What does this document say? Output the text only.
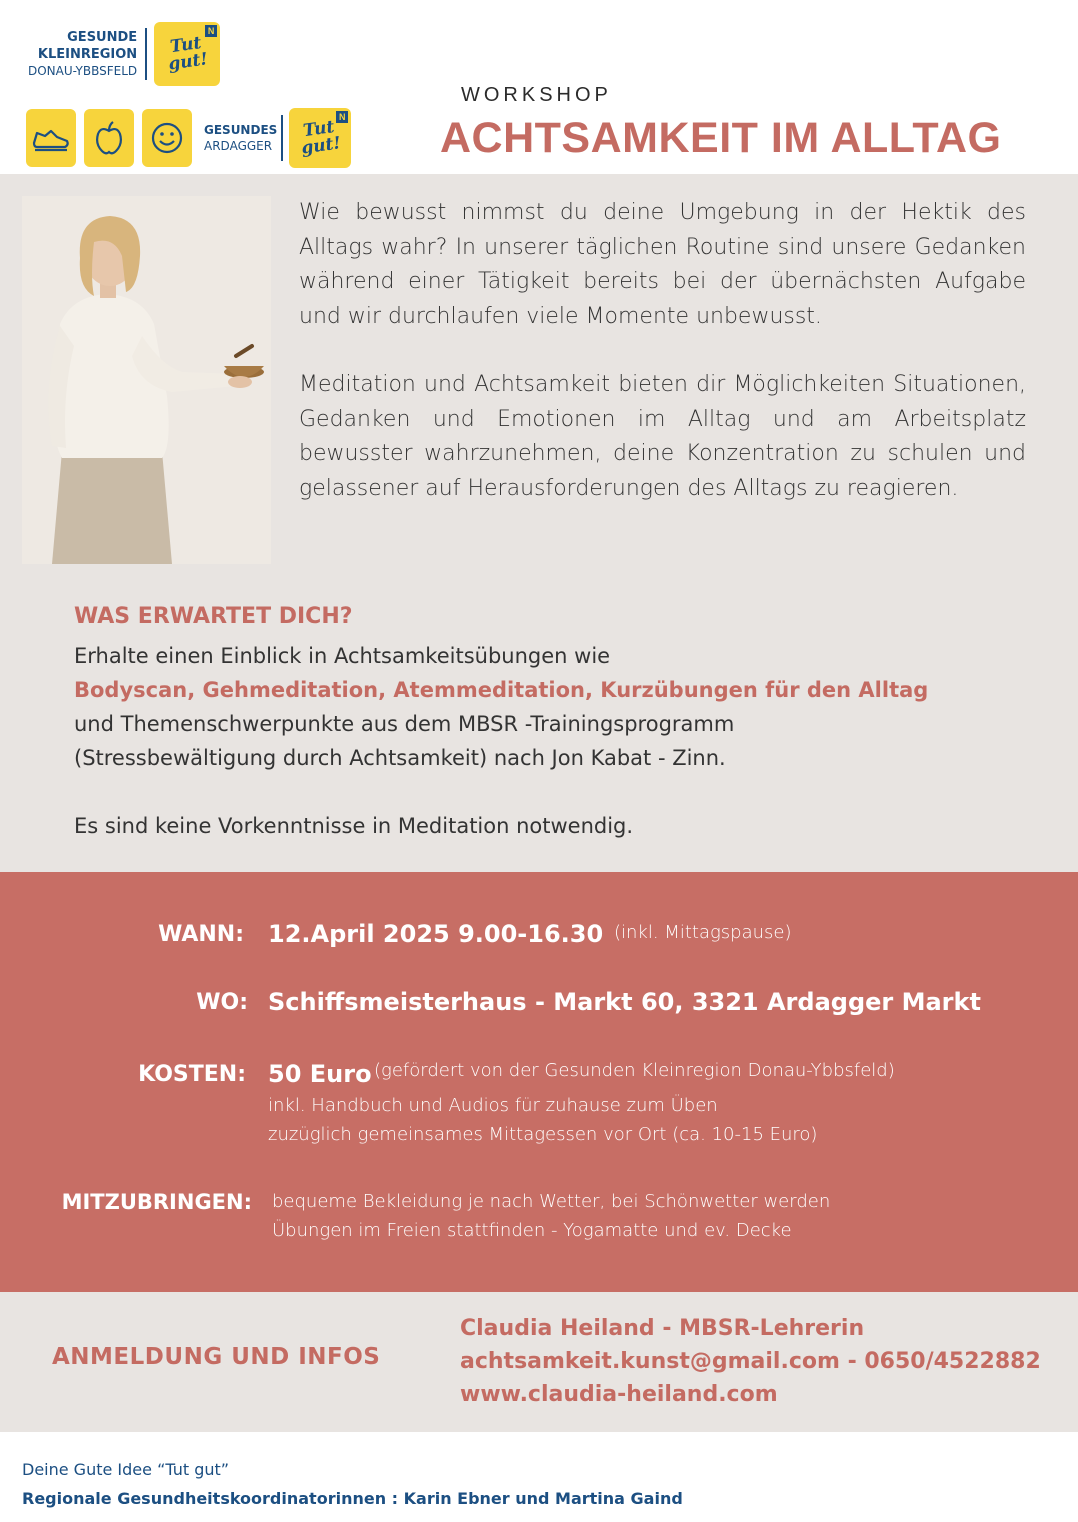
GESUNDE
KLEINREGION
DONAU-YBBSFELD
N
Tut gut!
GESUNDES
ARDAGGER
N
Tut gut!
WORKSHOP
ACHTSAMKEIT IM ALLTAG

Wie bewusst nimmst du deine Umgebung in der Hektik des Alltags wahr? In unserer täglichen Routine sind unsere Gedanken während einer Tätigkeit bereits bei der übernächsten Aufgabe und wir durchlaufen viele Momente unbewusst.

Meditation und Achtsamkeit bieten dir Möglichkeiten Situationen, Gedanken und Emotionen im Alltag und am Arbeitsplatz bewusster wahrzunehmen, deine Konzentration zu schulen und gelassener auf Herausforderungen des Alltags zu reagieren.

WAS ERWARTET DICH?
Erhalte einen Einblick in Achtsamkeitsübungen wie
Bodyscan, Gehmeditation, Atemmeditation, Kurzübungen für den Alltag
und Themenschwerpunkte aus dem MBSR -Trainingsprogramm
(Stressbewältigung durch Achtsamkeit) nach Jon Kabat - Zinn.
Es sind keine Vorkenntnisse in Meditation notwendig.
WANN: 12.April 2025 9.00-16.30 (inkl. Mittagspause)
WO: Schiffsmeisterhaus - Markt 60, 3321 Ardagger Markt
KOSTEN: 50 Euro (gefördert von der Gesunden Kleinregion Donau-Ybbsfeld)
inkl. Handbuch und Audios für zuhause zum Üben
zuzüglich gemeinsames Mittagessen vor Ort (ca. 10-15 Euro)
MITZUBRINGEN: bequeme Bekleidung je nach Wetter, bei Schönwetter werden
Übungen im Freien stattfinden - Yogamatte und ev. Decke
ANMELDUNG UND INFOS
Claudia Heiland - MBSR-Lehrerin
achtsamkeit.kunst@gmail.com - 0650/4522882
www.claudia-heiland.com
Deine Gute Idee “Tut gut”
Regionale Gesundheitskoordinatorinnen : Karin Ebner und Martina Gaind
